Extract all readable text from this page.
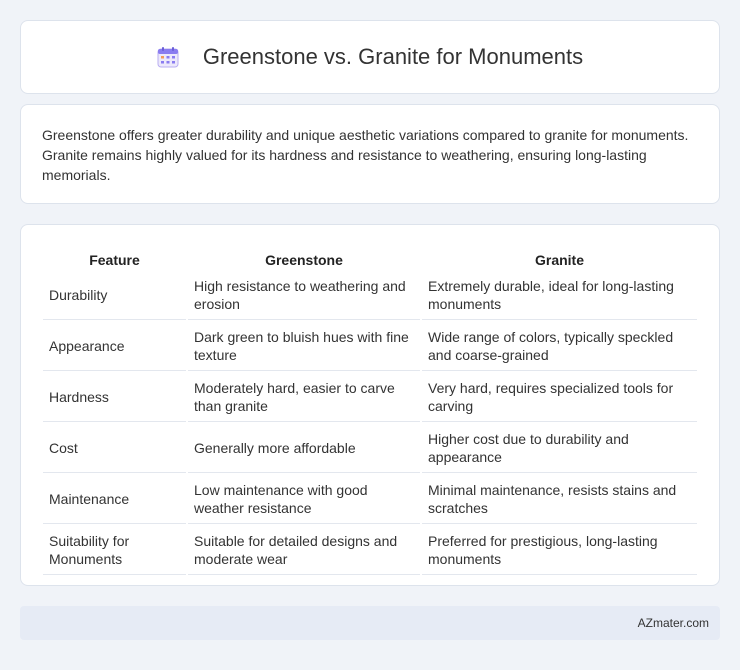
Greenstone vs. Granite for Monuments

Greenstone offers greater durability and unique aesthetic variations compared to granite for monuments. Granite remains highly valued for its hardness and resistance to weathering, ensuring long-lasting memorials.

Feature	Greenstone	Granite
Durability	High resistance to weathering and erosion	Extremely durable, ideal for long-lasting monuments
Appearance	Dark green to bluish hues with fine texture	Wide range of colors, typically speckled and coarse-grained
Hardness	Moderately hard, easier to carve than granite	Very hard, requires specialized tools for carving
Cost	Generally more affordable	Higher cost due to durability and appearance
Maintenance	Low maintenance with good weather resistance	Minimal maintenance, resists stains and scratches
Suitability for Monuments	Suitable for detailed designs and moderate wear	Preferred for prestigious, long-lasting monuments
AZmater.com
